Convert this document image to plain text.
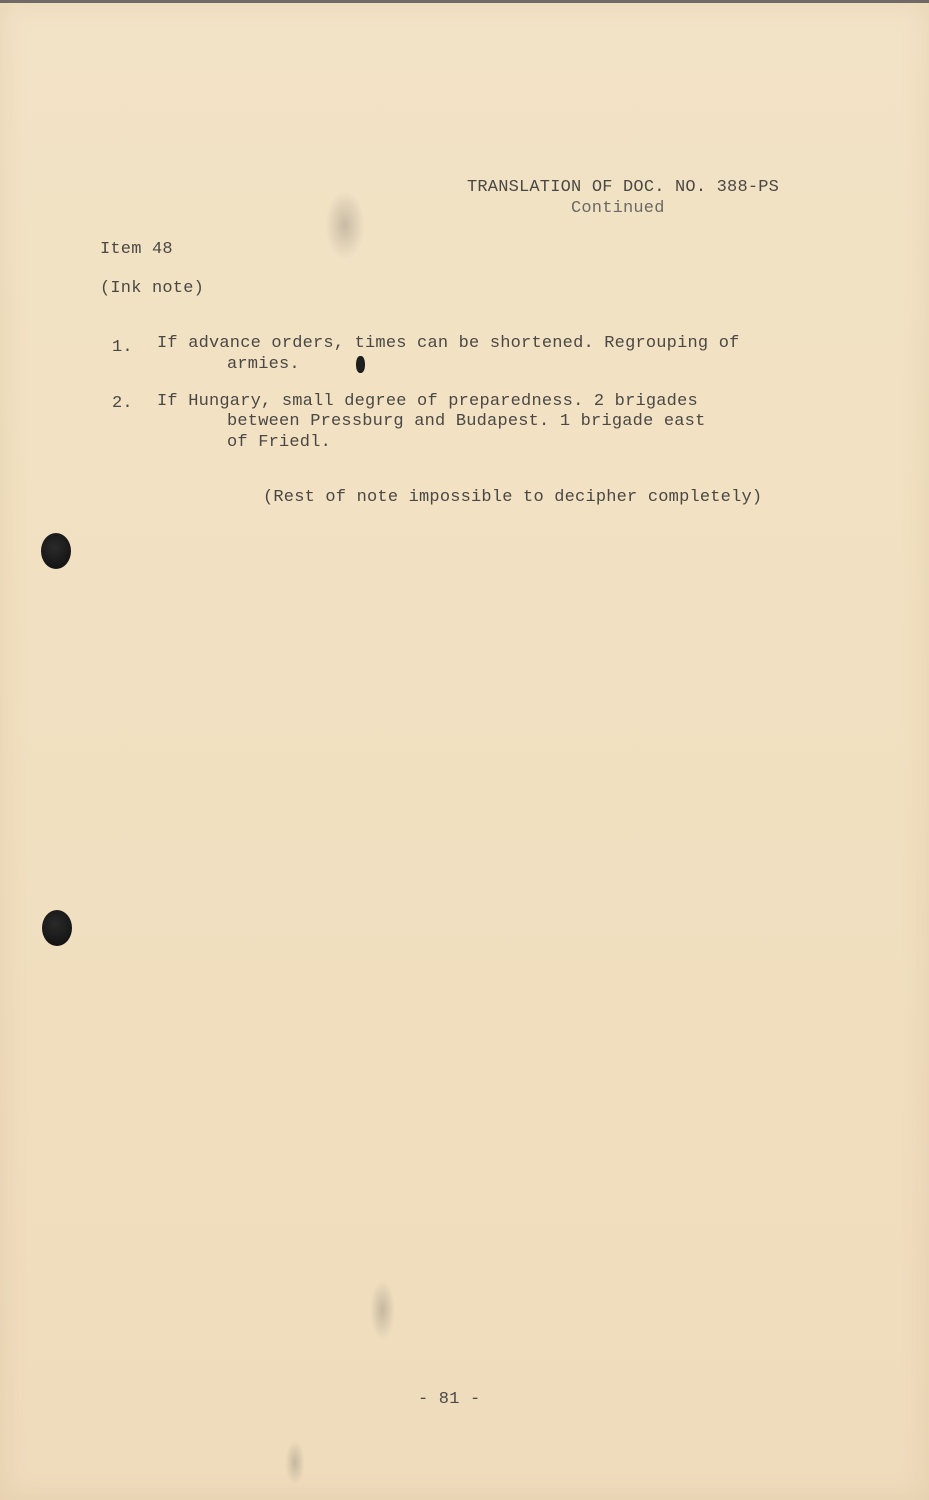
TRANSLATION OF DOC. NO. 388-PS
Continued
Item 48
(Ink note)
1. If advance orders, times can be shortened. Regrouping of
armies.
2. If Hungary, small degree of preparedness. 2 brigades
between Pressburg and Budapest. 1 brigade east
of Friedl.
(Rest of note impossible to decipher completely)
- 81 -
